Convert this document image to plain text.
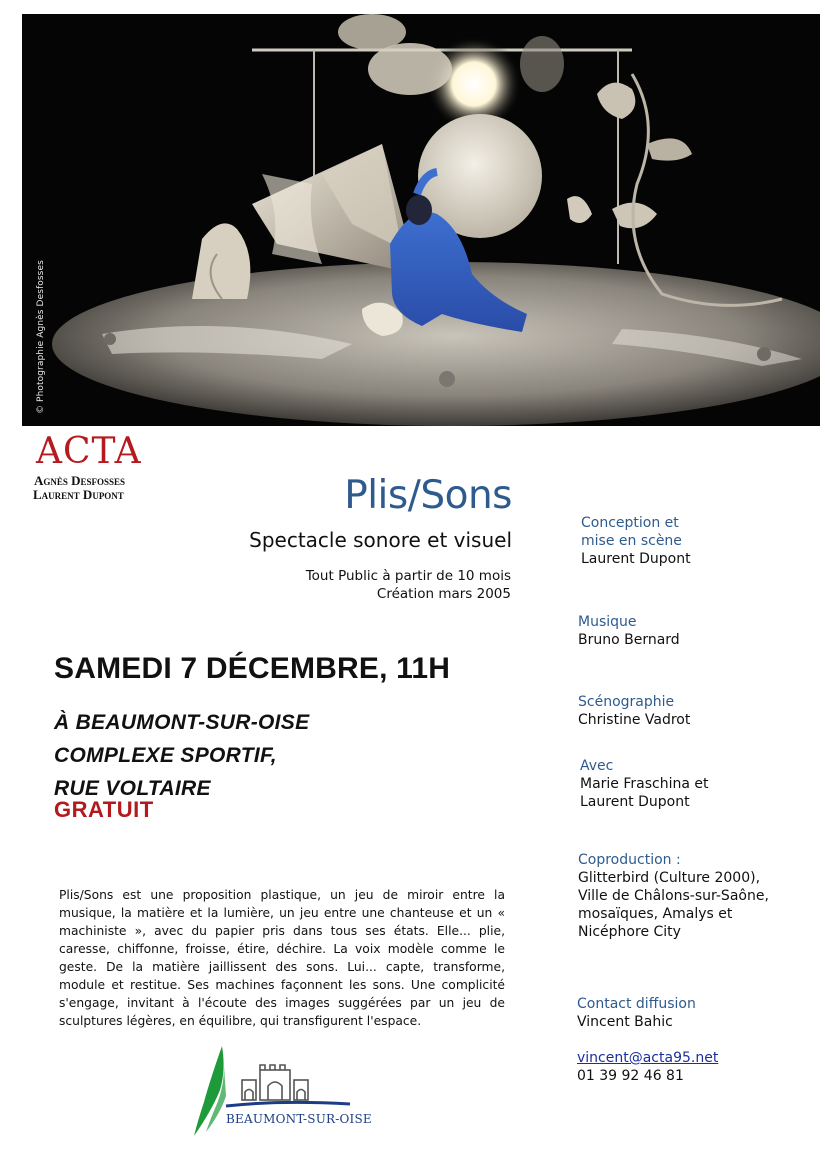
© Photographie Agnès Desfosses
ACTA
Agnès Desfosses
Laurent Dupont	Plis/Sons
Spectacle sonore et visuel
Tout Public à partir de 10 mois
Création mars 2005
SAMEDI 7 DÉCEMBRE, 11H
À BEAUMONT-SUR-OISE
COMPLEXE SPORTIF,
RUE VOLTAIRE
GRATUIT
Plis/Sons est une proposition plastique, un jeu de miroir entre la musique, la matière et la lumière, un jeu entre une chanteuse et un « machiniste », avec du papier pris dans tous ses états. Elle... plie, caresse, chiffonne, froisse, étire, déchire. La voix modèle comme le geste. De la matière jaillissent des sons. Lui... capte, transforme, module et restitue. Ses machines façonnent les sons. Une complicité s'engage, invitant à l'écoute des images suggérées par un jeu de sculptures légères, en équilibre, qui transfigurent l'espace.
Conception et
mise en scène
Laurent Dupont
Musique
Bruno Bernard
Scénographie
Christine Vadrot
Avec
Marie Fraschina et
Laurent Dupont
Coproduction :
Glitterbird (Culture 2000),
Ville de Châlons-sur-Saône,
mosaïques, Amalys et
Nicéphore City
Contact diffusion
Vincent Bahic

vincent@acta95.net

01 39 92 46 81
BEAUMONT-SUR-OISE
